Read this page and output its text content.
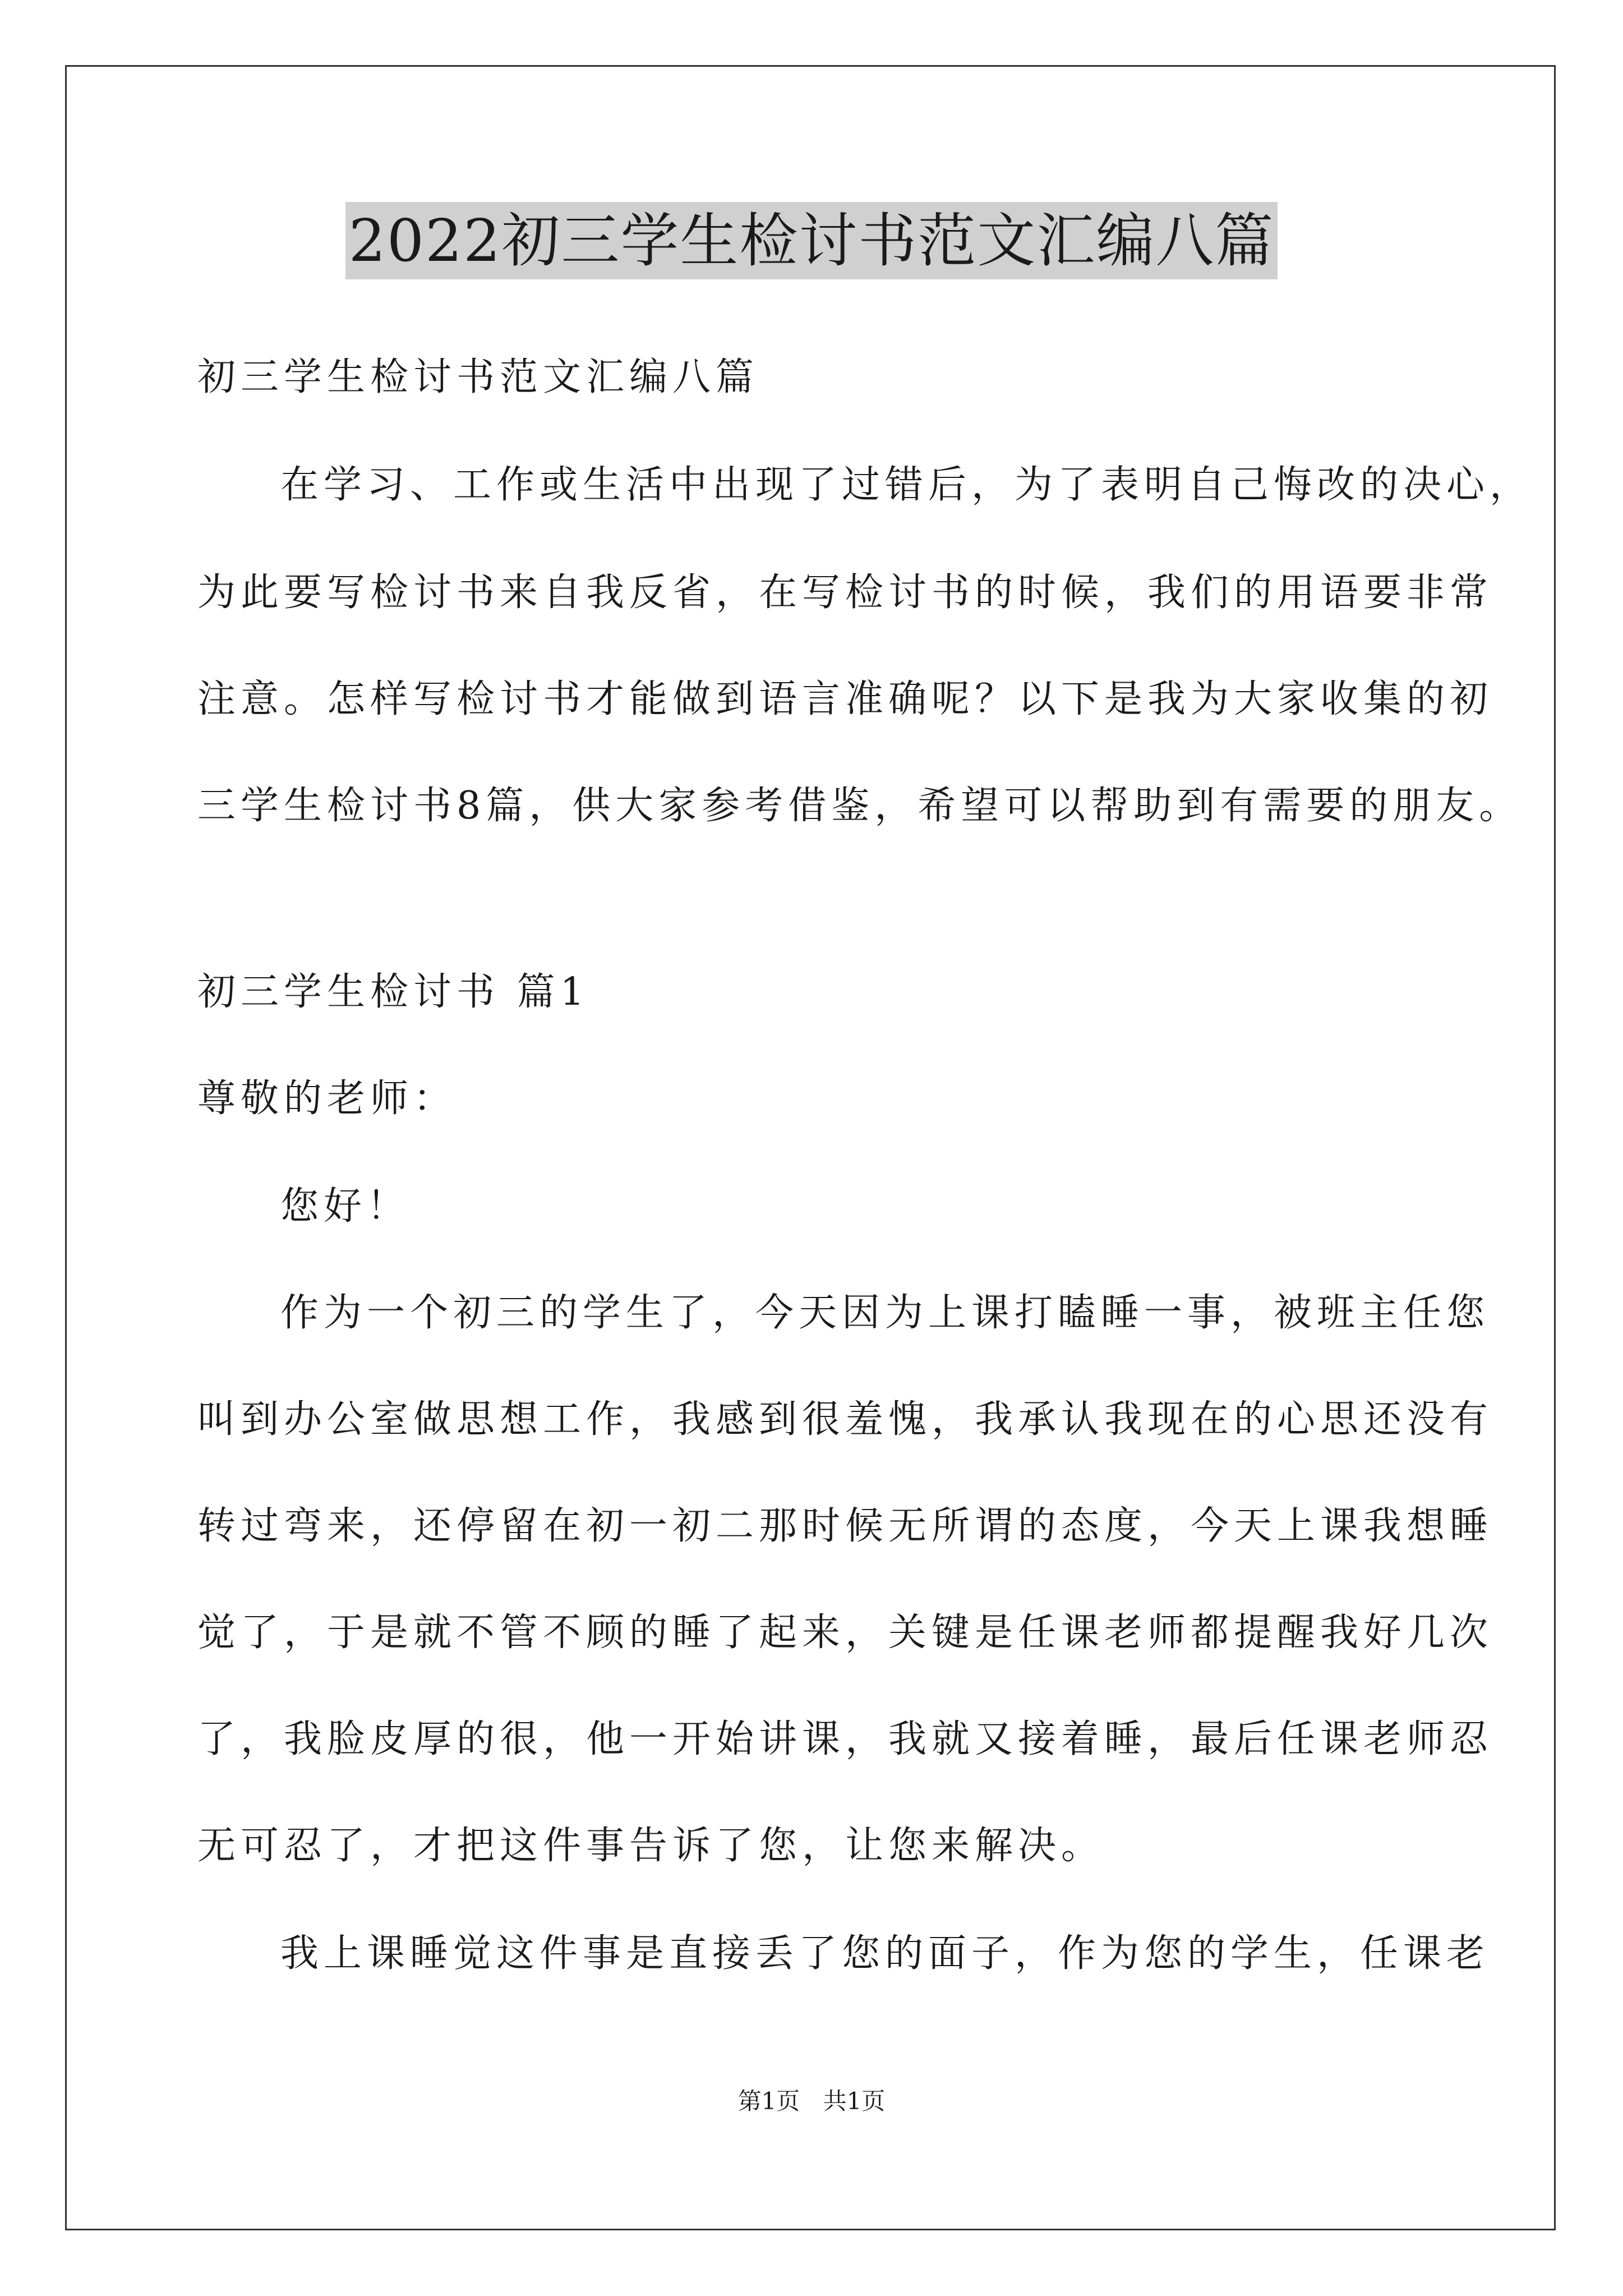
2022初三学生检讨书范文汇编八篇
初三学生检讨书范文汇编八篇
在学习、工作或生活中出现了过错后，为了表明自己悔改的决心，
为此要写检讨书来自我反省，在写检讨书的时候，我们的用语要非常
注意。怎样写检讨书才能做到语言准确呢？以下是我为大家收集的初
三学生检讨书8篇，供大家参考借鉴，希望可以帮助到有需要的朋友。
初三学生检讨书 篇1
尊敬的老师：
您好！
作为一个初三的学生了，今天因为上课打瞌睡一事，被班主任您
叫到办公室做思想工作，我感到很羞愧，我承认我现在的心思还没有
转过弯来，还停留在初一初二那时候无所谓的态度，今天上课我想睡
觉了，于是就不管不顾的睡了起来，关键是任课老师都提醒我好几次
了，我脸皮厚的很，他一开始讲课，我就又接着睡，最后任课老师忍
无可忍了，才把这件事告诉了您，让您来解决。
我上课睡觉这件事是直接丢了您的面子，作为您的学生，任课老
第1页 共1页
